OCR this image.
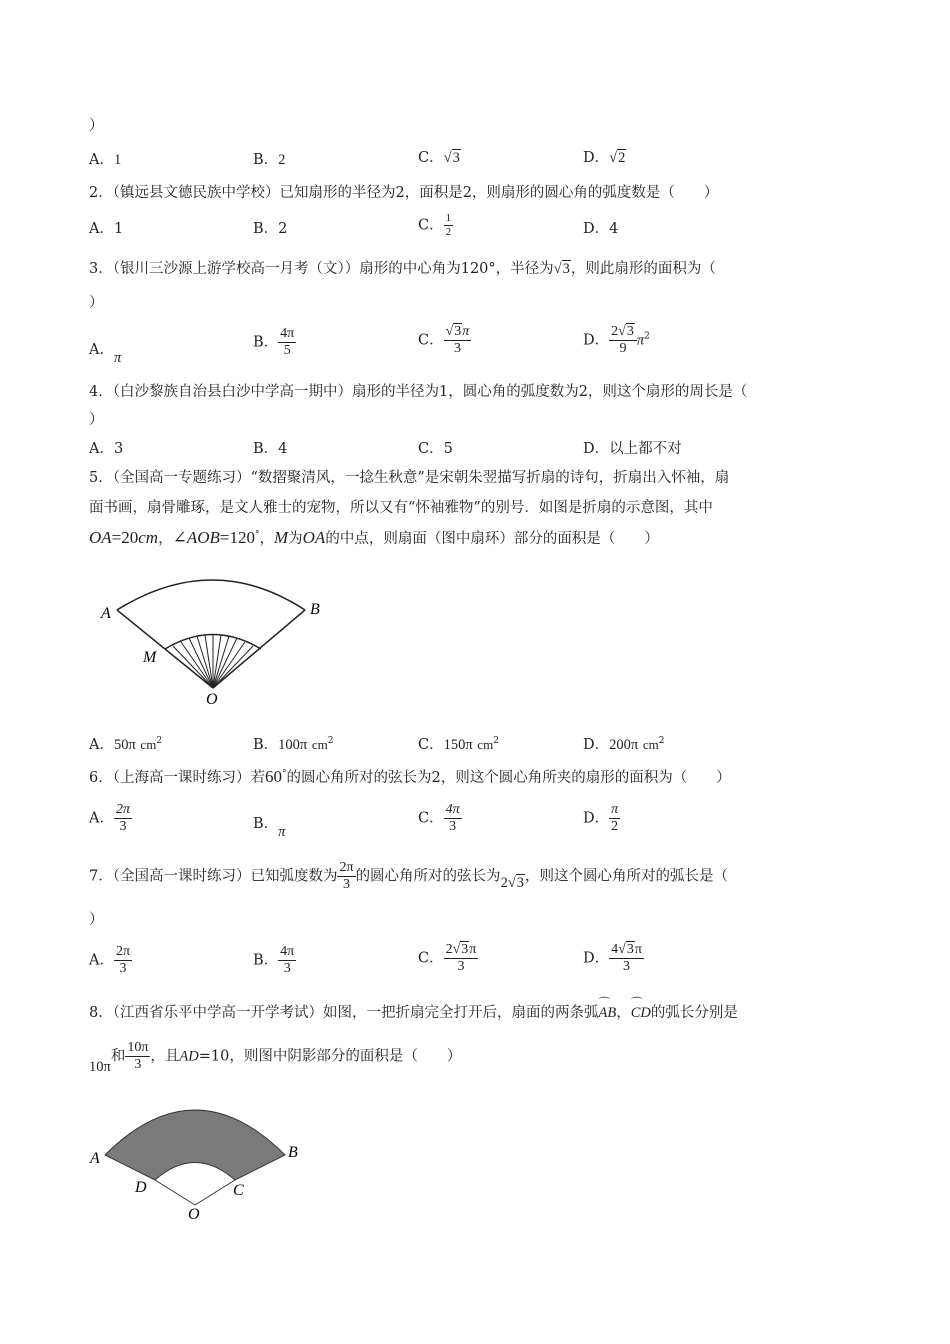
）
A．1	B．2	C．√3	D．√2
2．（镇远县文德民族中学校）已知扇形的半径为2，面积是2，则扇形的圆心角的弧度数是（　　）
A．1	B．2	C． $\frac{1}{2}$	D．4
3．（银川三沙源上游学校高一月考（文））扇形的中心角为120°，半径为√3，则此扇形的面积为（
）
A．π
B． $\frac{4\pi}{5}$	C． $\frac{√3\pi}{3}$	D． $\frac{2√3}{9} \pi^2$
4．（白沙黎族自治县白沙中学高一期中）扇形的半径为1，圆心角的弧度数为2，则这个扇形的周长是（
）
A．3	B．4	C．5	D．以上都不对
5．（全国高一专题练习）“数摺聚清风，一捻生秋意”是宋朝朱翌描写折扇的诗句，折扇出入怀袖，扇
面书画，扇骨雕琢，是文人雅士的宠物，所以又有“怀袖雅物”的别号．如图是折扇的示意图，其中
OA=20cm，∠AOB=120°，M为OA的中点，则扇面（图中扇环）部分的面积是（　　）
A	B
M
O
A．50π $cm^2$	B．100π $cm^2$	C．150π $cm^2$	D．200π $cm^2$
6．（上海高一课时练习）若60°的圆心角所对的弦长为2，则这个圆心角所夹的扇形的面积为（　　）
A． $\frac{2\pi}{3}$	B．π
C． $\frac{4\pi}{3}$	D． $\frac{\pi}{2}$
7．（全国高一课时练习）已知弧度数为 $\frac{2\pi}{3}$ 的圆心角所对的弦长为2√3，则这个圆心角所对的弧长是（
）
A． $\frac{2\pi}{3}$	B． $\frac{4\pi}{3}$	C． $\frac{2√3\pi}{3}$	D． $\frac{4√3\pi}{3}$
8．（江西省乐平中学高一开学考试）如图，一把折扇完全打开后，扇面的两条弧⌒ AB，⌒ CD的弧长分别是
10π和 $\frac{10\pi}{3}$ ，且AD=10，则图中阴影部分的面积是（　　）
A	B
C
D
O
